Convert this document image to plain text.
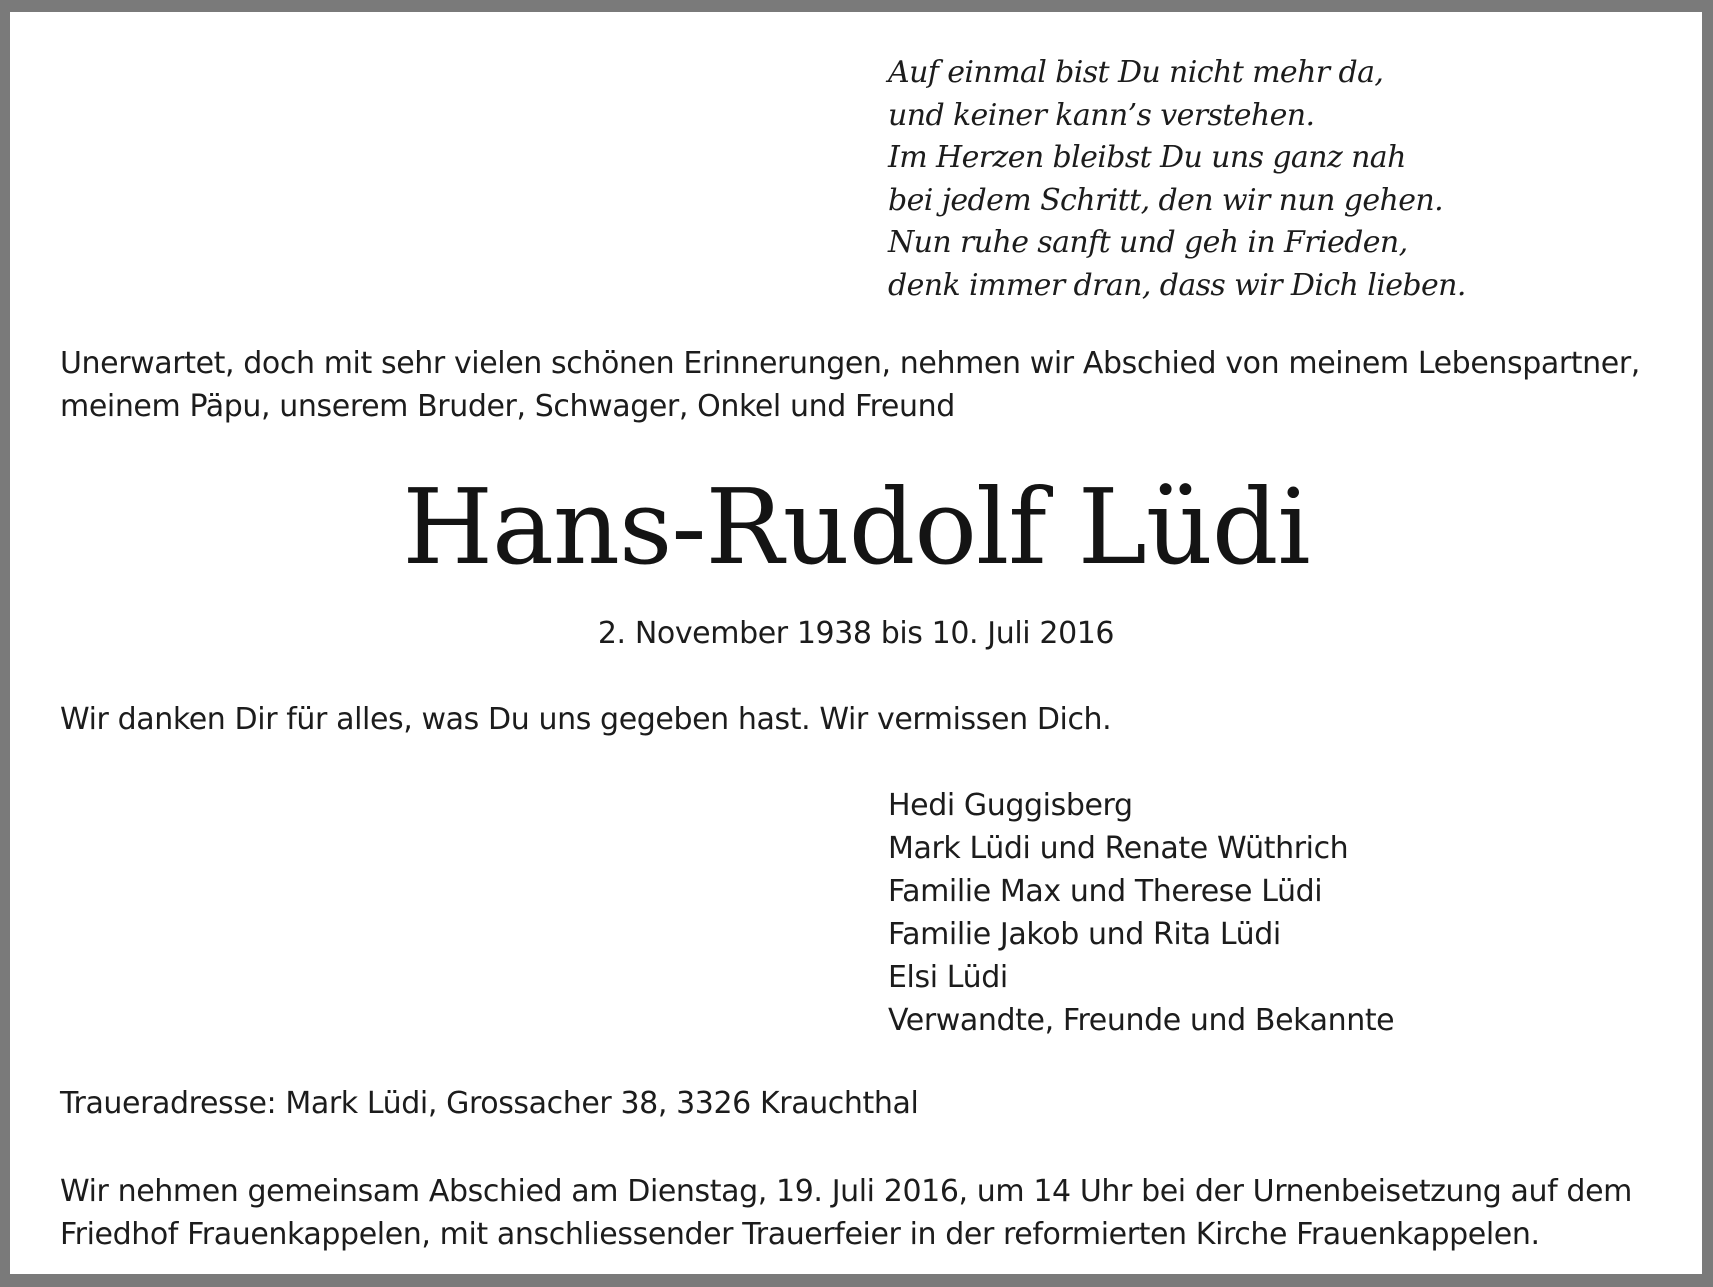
Auf einmal bist Du nicht mehr da,
und keiner kann’s verstehen.
Im Herzen bleibst Du uns ganz nah
bei jedem Schritt, den wir nun gehen.
Nun ruhe sanft und geh in Frieden,
denk immer dran, dass wir Dich lieben.
Unerwartet, doch mit sehr vielen schönen Erinnerungen, nehmen wir Abschied von meinem Lebenspartner,
meinem Päpu, unserem Bruder, Schwager, Onkel und Freund
Hans-Rudolf Lüdi
2. November 1938 bis 10. Juli 2016
Wir danken Dir für alles, was Du uns gegeben hast. Wir vermissen Dich.
Hedi Guggisberg
Mark Lüdi und Renate Wüthrich
Familie Max und Therese Lüdi
Familie Jakob und Rita Lüdi
Elsi Lüdi
Verwandte, Freunde und Bekannte
Traueradresse: Mark Lüdi, Grossacher 38, 3326 Krauchthal
Wir nehmen gemeinsam Abschied am Dienstag, 19. Juli 2016, um 14 Uhr bei der Urnenbeisetzung auf dem
Friedhof Frauenkappelen, mit anschliessender Trauerfeier in der reformierten Kirche Frauenkappelen.
